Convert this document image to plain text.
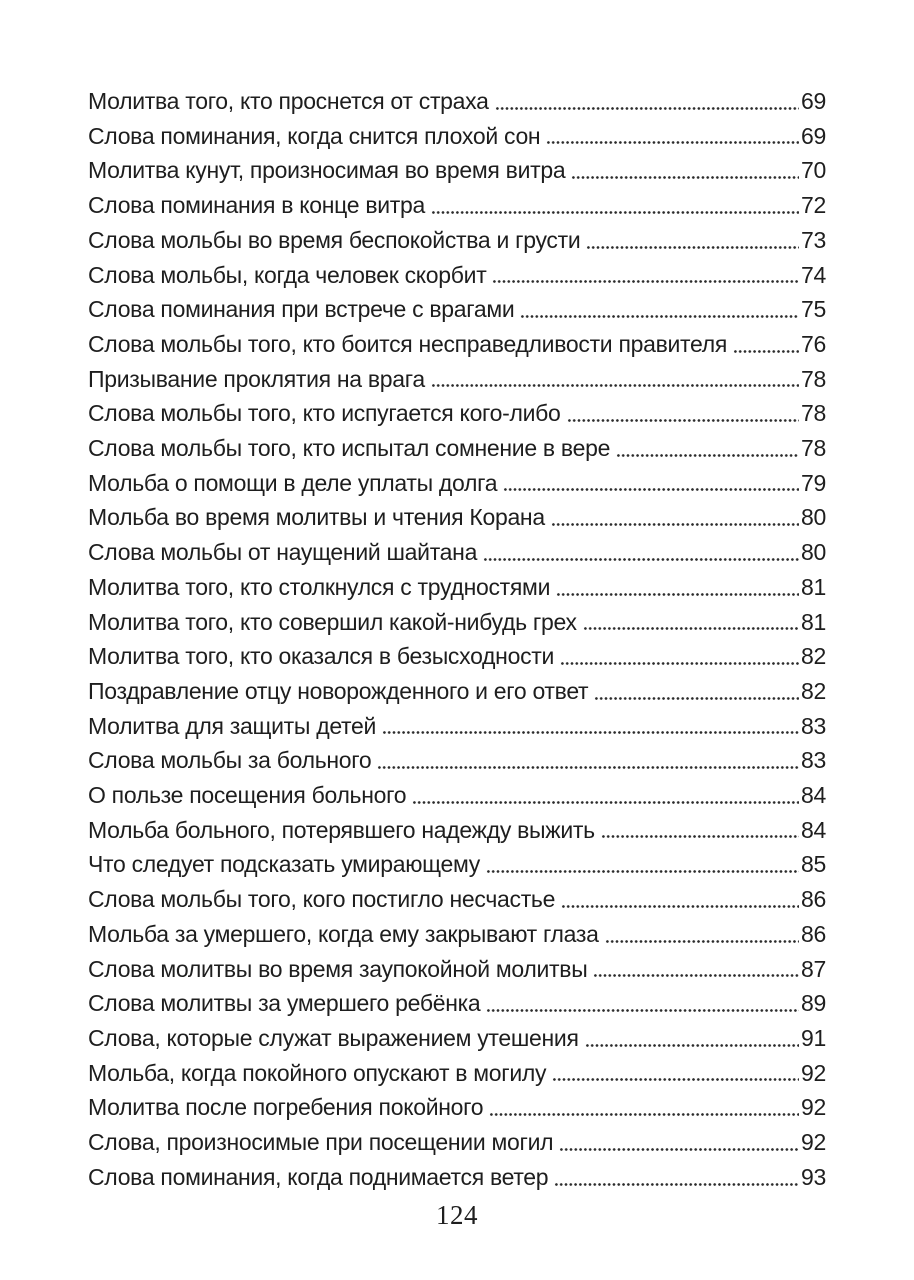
Молитва того, кто проснется от страха	69
Слова поминания, когда снится плохой сон	69
Молитва кунут, произносимая во время витра	70
Слова поминания в конце витра	72
Слова мольбы во время беспокойства и грусти	73
Слова мольбы, когда человек скорбит	74
Слова поминания при встрече с врагами	75
Слова мольбы того, кто боится несправедливости правителя	76
Призывание проклятия на врага	78
Слова мольбы того, кто испугается кого-либо	78
Слова мольбы того, кто испытал сомнение в вере	78
Мольба о помощи в деле уплаты долга	79
Мольба во время молитвы и чтения Корана	80
Слова мольбы от наущений шайтана	80
Молитва того, кто столкнулся с трудностями	81
Молитва того, кто совершил какой-нибудь грех	81
Молитва того, кто оказался в безысходности	82
Поздравление отцу новорожденного и его ответ	82
Молитва для защиты детей	83
Слова мольбы за больного	83
О пользе посещения больного	84
Мольба больного, потерявшего надежду выжить	84
Что следует подсказать умирающему	85
Слова мольбы того, кого постигло несчастье	86
Мольба за умершего, когда ему закрывают глаза	86
Слова молитвы во время заупокойной молитвы	87
Слова молитвы за умершего ребёнка	89
Слова, которые служат выражением утешения	91
Мольба, когда покойного опускают в могилу	92
Молитва после погребения покойного	92
Слова, произносимые при посещении могил	92
Слова поминания, когда поднимается ветер	93
124
